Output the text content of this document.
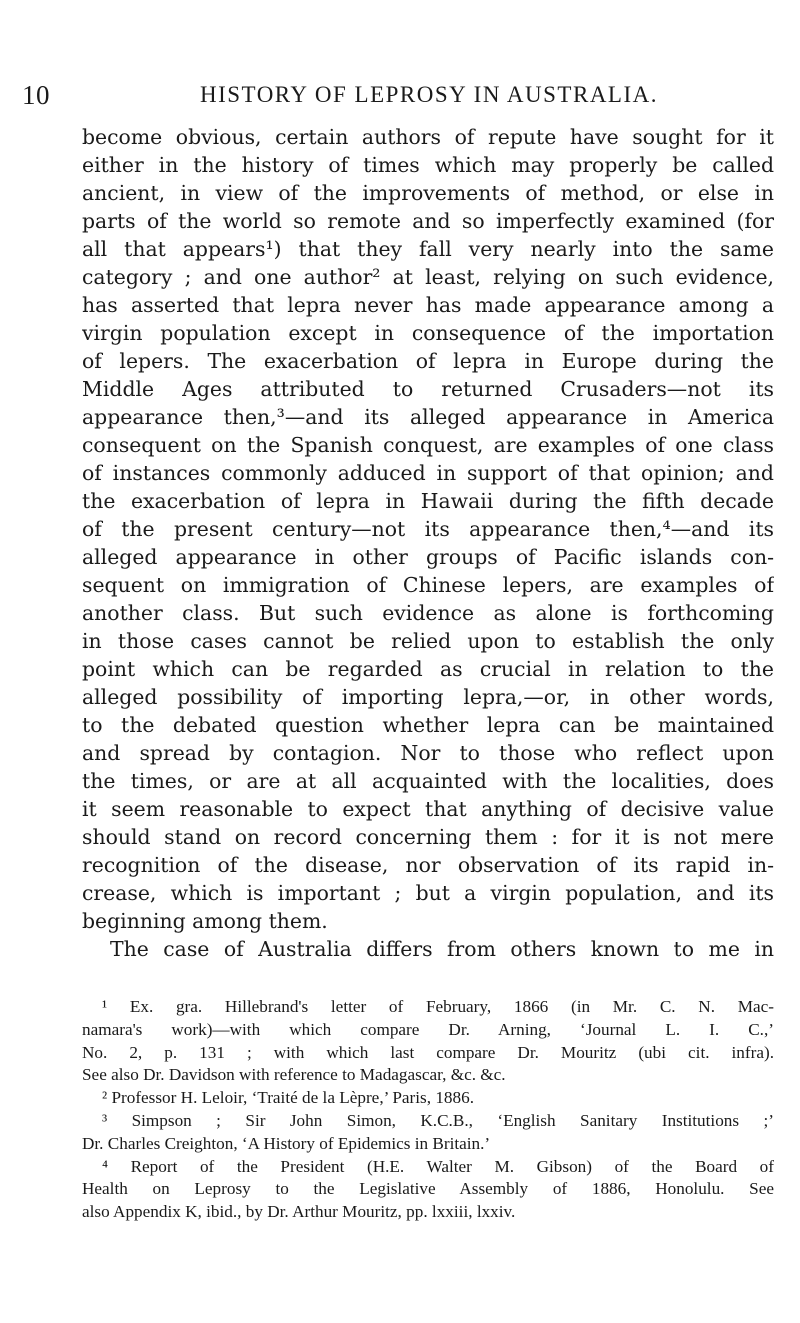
10	HISTORY OF LEPROSY IN AUSTRALIA.
become obvious, certain authors of repute have sought for it
either in the history of times which may properly be called
ancient, in view of the improvements of method, or else in
parts of the world so remote and so imperfectly examined (for
all that appears¹) that they fall very nearly into the same
category ; and one author² at least, relying on such evidence,
has asserted that lepra never has made appearance among a
virgin population except in consequence of the importation
of lepers. The exacerbation of lepra in Europe during the
Middle Ages attributed to returned Crusaders—not its
appearance then,³—and its alleged appearance in America
consequent on the Spanish conquest, are examples of one class
of instances commonly adduced in support of that opinion; and
the exacerbation of lepra in Hawaii during the fifth decade
of the present century—not its appearance then,⁴—and its
alleged appearance in other groups of Pacific islands con-
sequent on immigration of Chinese lepers, are examples of
another class. But such evidence as alone is forthcoming
in those cases cannot be relied upon to establish the only
point which can be regarded as crucial in relation to the
alleged possibility of importing lepra,—or, in other words,
to the debated question whether lepra can be maintained
and spread by contagion. Nor to those who reflect upon
the times, or are at all acquainted with the localities, does
it seem reasonable to expect that anything of decisive value
should stand on record concerning them : for it is not mere
recognition of the disease, nor observation of its rapid in-
crease, which is important ; but a virgin population, and its
beginning among them.
The case of Australia differs from others known to me in
¹ Ex. gra. Hillebrand's letter of February, 1866 (in Mr. C. N. Mac-
namara's work)—with which compare Dr. Arning, ‘Journal L. I. C.,’
No. 2, p. 131 ; with which last compare Dr. Mouritz (ubi cit. infra).
See also Dr. Davidson with reference to Madagascar, &c. &c.
² Professor H. Leloir, ‘Traité de la Lèpre,’ Paris, 1886.
³ Simpson ; Sir John Simon, K.C.B., ‘English Sanitary Institutions ;’
Dr. Charles Creighton, ‘A History of Epidemics in Britain.’
⁴ Report of the President (H.E. Walter M. Gibson) of the Board of
Health on Leprosy to the Legislative Assembly of 1886, Honolulu. See
also Appendix K, ibid., by Dr. Arthur Mouritz, pp. lxxiii, lxxiv.
